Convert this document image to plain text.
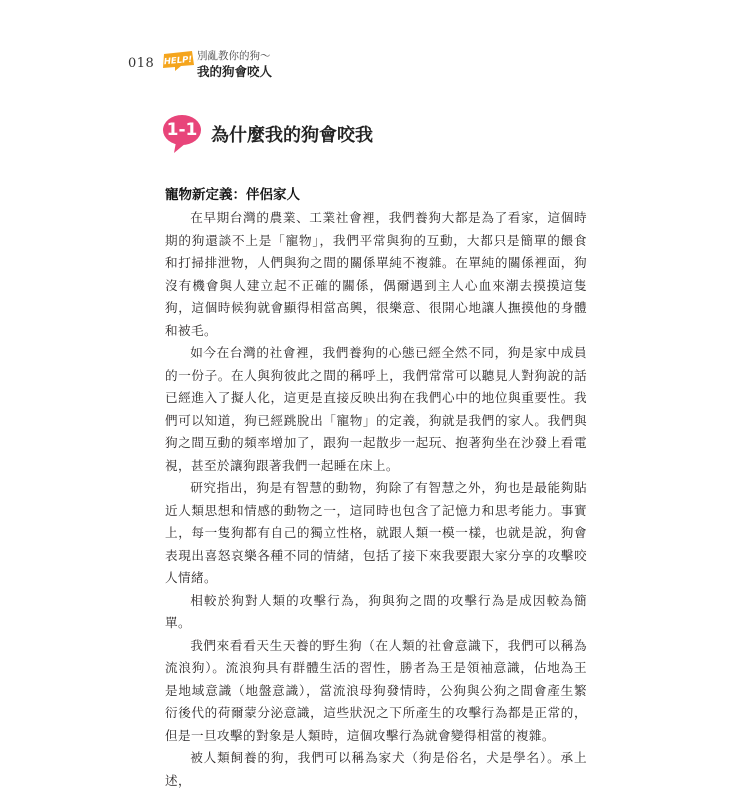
018 HELP! 別亂教你的狗～
我的狗會咬人
1-1 為什麼我的狗會咬我
寵物新定義：伴侶家人

在早期台灣的農業、工業社會裡，我們養狗大都是為了看家，這個時期的狗還談不上是「寵物」，我們平常與狗的互動，大都只是簡單的餵食和打掃排泄物，人們與狗之間的關係單純不複雜。在單純的關係裡面，狗沒有機會與人建立起不正確的關係，偶爾遇到主人心血來潮去摸摸這隻狗，這個時候狗就會顯得相當高興，很樂意、很開心地讓人撫摸他的身體和被毛。

如今在台灣的社會裡，我們養狗的心態已經全然不同，狗是家中成員的一份子。在人與狗彼此之間的稱呼上，我們常常可以聽見人對狗說的話已經進入了擬人化，這更是直接反映出狗在我們心中的地位與重要性。我們可以知道，狗已經跳脫出「寵物」的定義，狗就是我們的家人。我們與狗之間互動的頻率增加了，跟狗一起散步一起玩、抱著狗坐在沙發上看電視，甚至於讓狗跟著我們一起睡在床上。

研究指出，狗是有智慧的動物，狗除了有智慧之外，狗也是最能夠貼近人類思想和情感的動物之一，這同時也包含了記憶力和思考能力。事實上，每一隻狗都有自己的獨立性格，就跟人類一模一樣，也就是說，狗會表現出喜怒哀樂各種不同的情緒，包括了接下來我要跟大家分享的攻擊咬人情緒。

相較於狗對人類的攻擊行為，狗與狗之間的攻擊行為是成因較為簡單。

我們來看看天生天養的野生狗（在人類的社會意識下，我們可以稱為流浪狗）。流浪狗具有群體生活的習性，勝者為王是領袖意識，佔地為王是地域意識（地盤意識），當流浪母狗發情時，公狗與公狗之間會產生繁衍後代的荷爾蒙分泌意識，這些狀況之下所產生的攻擊行為都是正常的，但是一旦攻擊的對象是人類時，這個攻擊行為就會變得相當的複雜。

被人類飼養的狗，我們可以稱為家犬（狗是俗名，犬是學名）。承上述，
